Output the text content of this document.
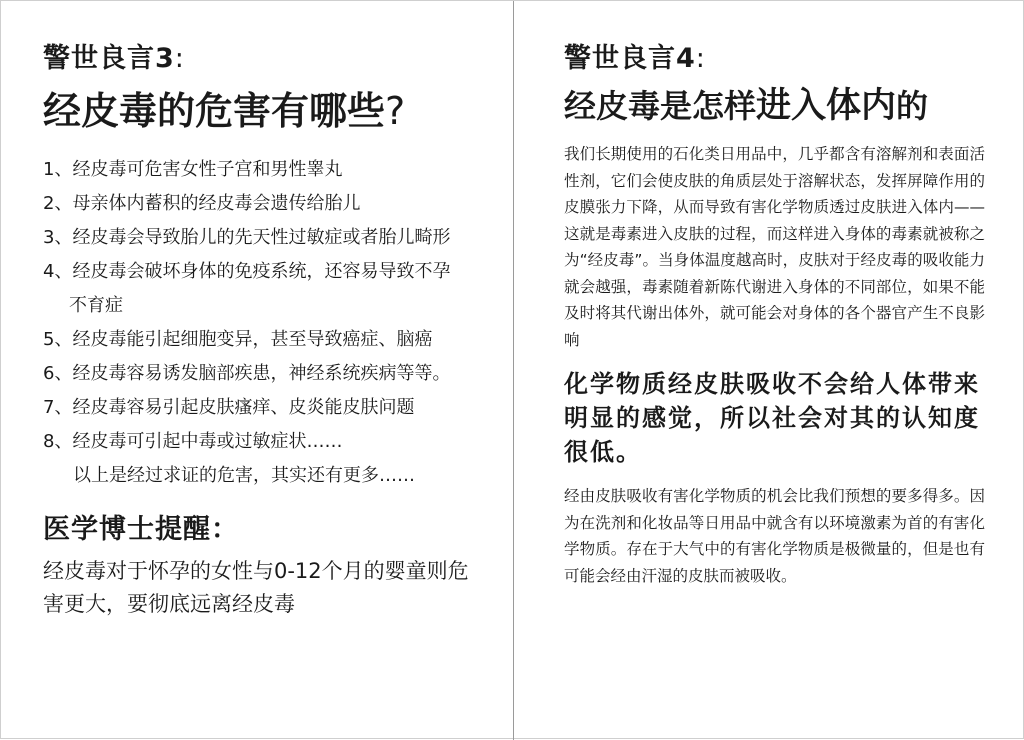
警世良言3:
经皮毒的危害有哪些?
1、经皮毒可危害女性子宫和男性睾丸
2、母亲体内蓄积的经皮毒会遗传给胎儿
3、经皮毒会导致胎儿的先天性过敏症或者胎儿畸形
4、经皮毒会破坏身体的免疫系统，还容易导致不孕
不育症
5、经皮毒能引起细胞变异，甚至导致癌症、脑癌
6、经皮毒容易诱发脑部疾患，神经系统疾病等等。
7、经皮毒容易引起皮肤瘙痒、皮炎能皮肤问题
8、经皮毒可引起中毒或过敏症状……
以上是经过求证的危害，其实还有更多……
医学博士提醒：

经皮毒对于怀孕的女性与0-12个月的婴童则危害更大，要彻底远离经皮毒

警世良言4:
经皮毒是怎样进入体内的

我们长期使用的石化类日用品中，几乎都含有溶解剂和表面活性剂，它们会使皮肤的角质层处于溶解状态，发挥屏障作用的皮膜张力下降，从而导致有害化学物质透过皮肤进入体内——这就是毒素进入皮肤的过程，而这样进入身体的毒素就被称之为“经皮毒”。当身体温度越高时，皮肤对于经皮毒的吸收能力就会越强，毒素随着新陈代谢进入身体的不同部位，如果不能及时将其代谢出体外，就可能会对身体的各个器官产生不良影响

化学物质经皮肤吸收不会给人体带来明显的感觉，所以社会对其的认知度很低。

经由皮肤吸收有害化学物质的机会比我们预想的要多得多。因为在洗剂和化妆品等日用品中就含有以环境激素为首的有害化学物质。存在于大气中的有害化学物质是极微量的，但是也有可能会经由汗湿的皮肤而被吸收。
